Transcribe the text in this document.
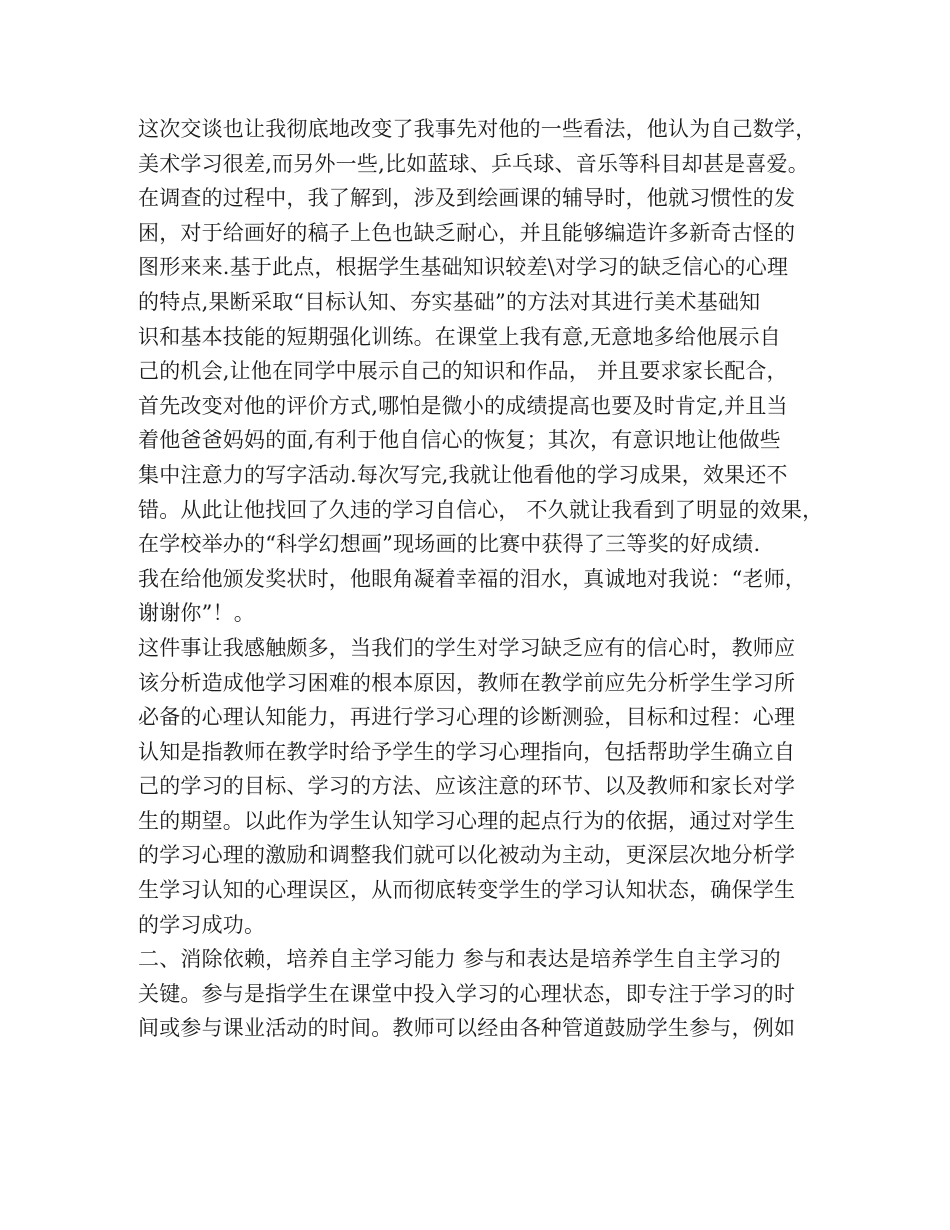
这次交谈也让我彻底地改变了我事先对他的一些看法，他认为自己数学，
美术学习很差,而另外一些,比如蓝球、乒乓球、音乐等科目却甚是喜爱。
在调查的过程中，我了解到，涉及到绘画课的辅导时，他就习惯性的发
困，对于给画好的稿子上色也缺乏耐心，并且能够编造许多新奇古怪的
图形来来.基于此点，根据学生基础知识较差\对学习的缺乏信心的心理
的特点,果断采取“目标认知、夯实基础”的方法对其进行美术基础知
识和基本技能的短期强化训练。在课堂上我有意,无意地多给他展示自
己的机会,让他在同学中展示自己的知识和作品， 并且要求家长配合，
首先改变对他的评价方式,哪怕是微小的成绩提高也要及时肯定,并且当
着他爸爸妈妈的面,有利于他自信心的恢复；其次，有意识地让他做些
集中注意力的写字活动.每次写完,我就让他看他的学习成果，效果还不
错。从此让他找回了久违的学习自信心， 不久就让我看到了明显的效果，
在学校举办的“科学幻想画”现场画的比赛中获得了三等奖的好成绩.
我在给他颁发奖状时，他眼角凝着幸福的泪水，真诚地对我说：“老师，
谢谢你”！。
这件事让我感触颇多，当我们的学生对学习缺乏应有的信心时，教师应
该分析造成他学习困难的根本原因，教师在教学前应先分析学生学习所
必备的心理认知能力，再进行学习心理的诊断测验，目标和过程：心理
认知是指教师在教学时给予学生的学习心理指向，包括帮助学生确立自
己的学习的目标、学习的方法、应该注意的环节、以及教师和家长对学
生的期望。以此作为学生认知学习心理的起点行为的依据，通过对学生
的学习心理的激励和调整我们就可以化被动为主动，更深层次地分析学
生学习认知的心理误区，从而彻底转变学生的学习认知状态，确保学生
的学习成功。
二、消除依赖，培养自主学习能力 参与和表达是培养学生自主学习的
关键。参与是指学生在课堂中投入学习的心理状态，即专注于学习的时
间或参与课业活动的时间。教师可以经由各种管道鼓励学生参与，例如
